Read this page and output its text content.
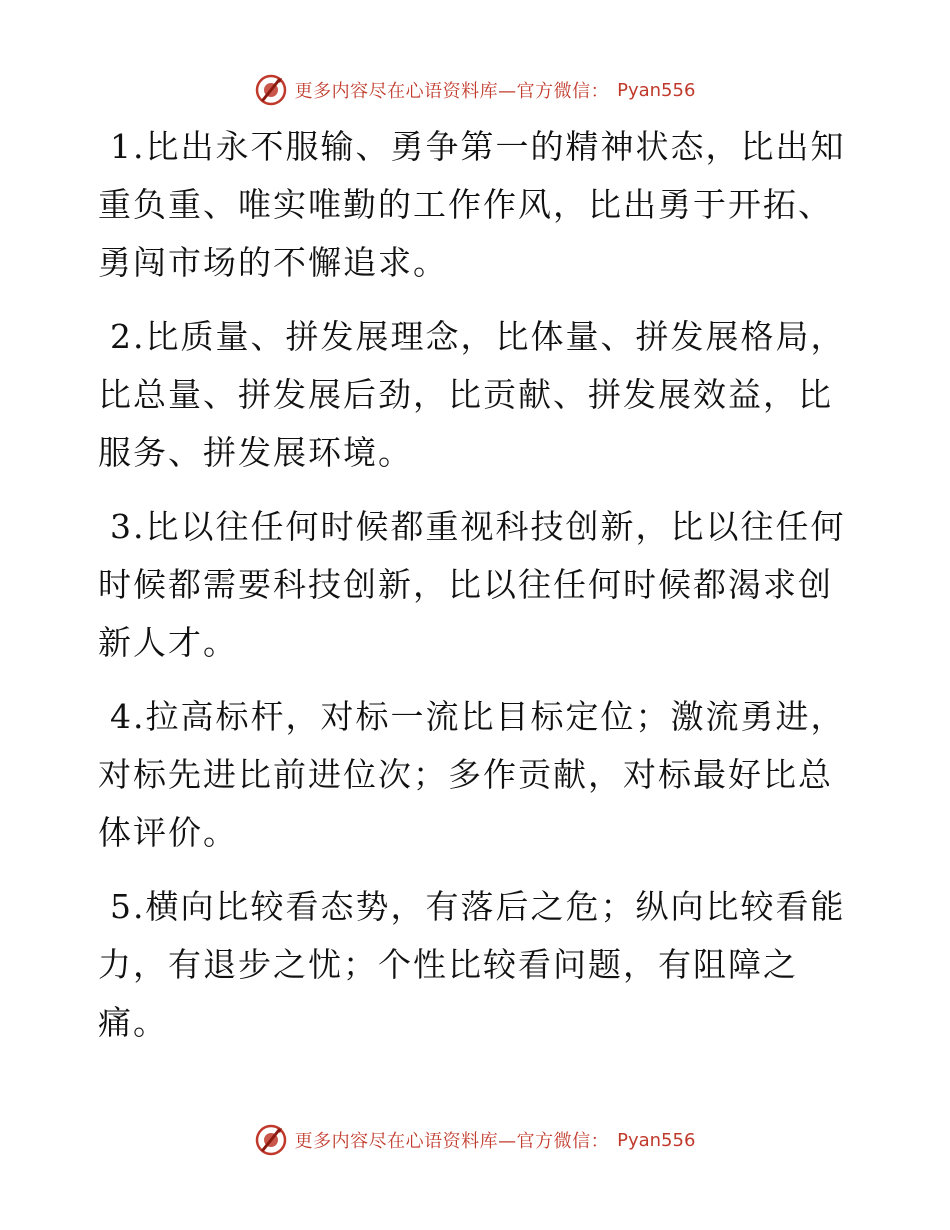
更多内容尽在心语资料库—官方微信： Pyan556

1.比出永不服输、勇争第一的精神状态，比出知重负重、唯实唯勤的工作作风，比出勇于开拓、勇闯市场的不懈追求。

2.比质量、拼发展理念，比体量、拼发展格局，比总量、拼发展后劲，比贡献、拼发展效益，比服务、拼发展环境。

3.比以往任何时候都重视科技创新，比以往任何时候都需要科技创新，比以往任何时候都渴求创新人才。

4.拉高标杆，对标一流比目标定位；激流勇进，对标先进比前进位次；多作贡献，对标最好比总体评价。

5.横向比较看态势，有落后之危；纵向比较看能力，有退步之忧；个性比较看问题，有阻障之痛。

更多内容尽在心语资料库—官方微信： Pyan556
